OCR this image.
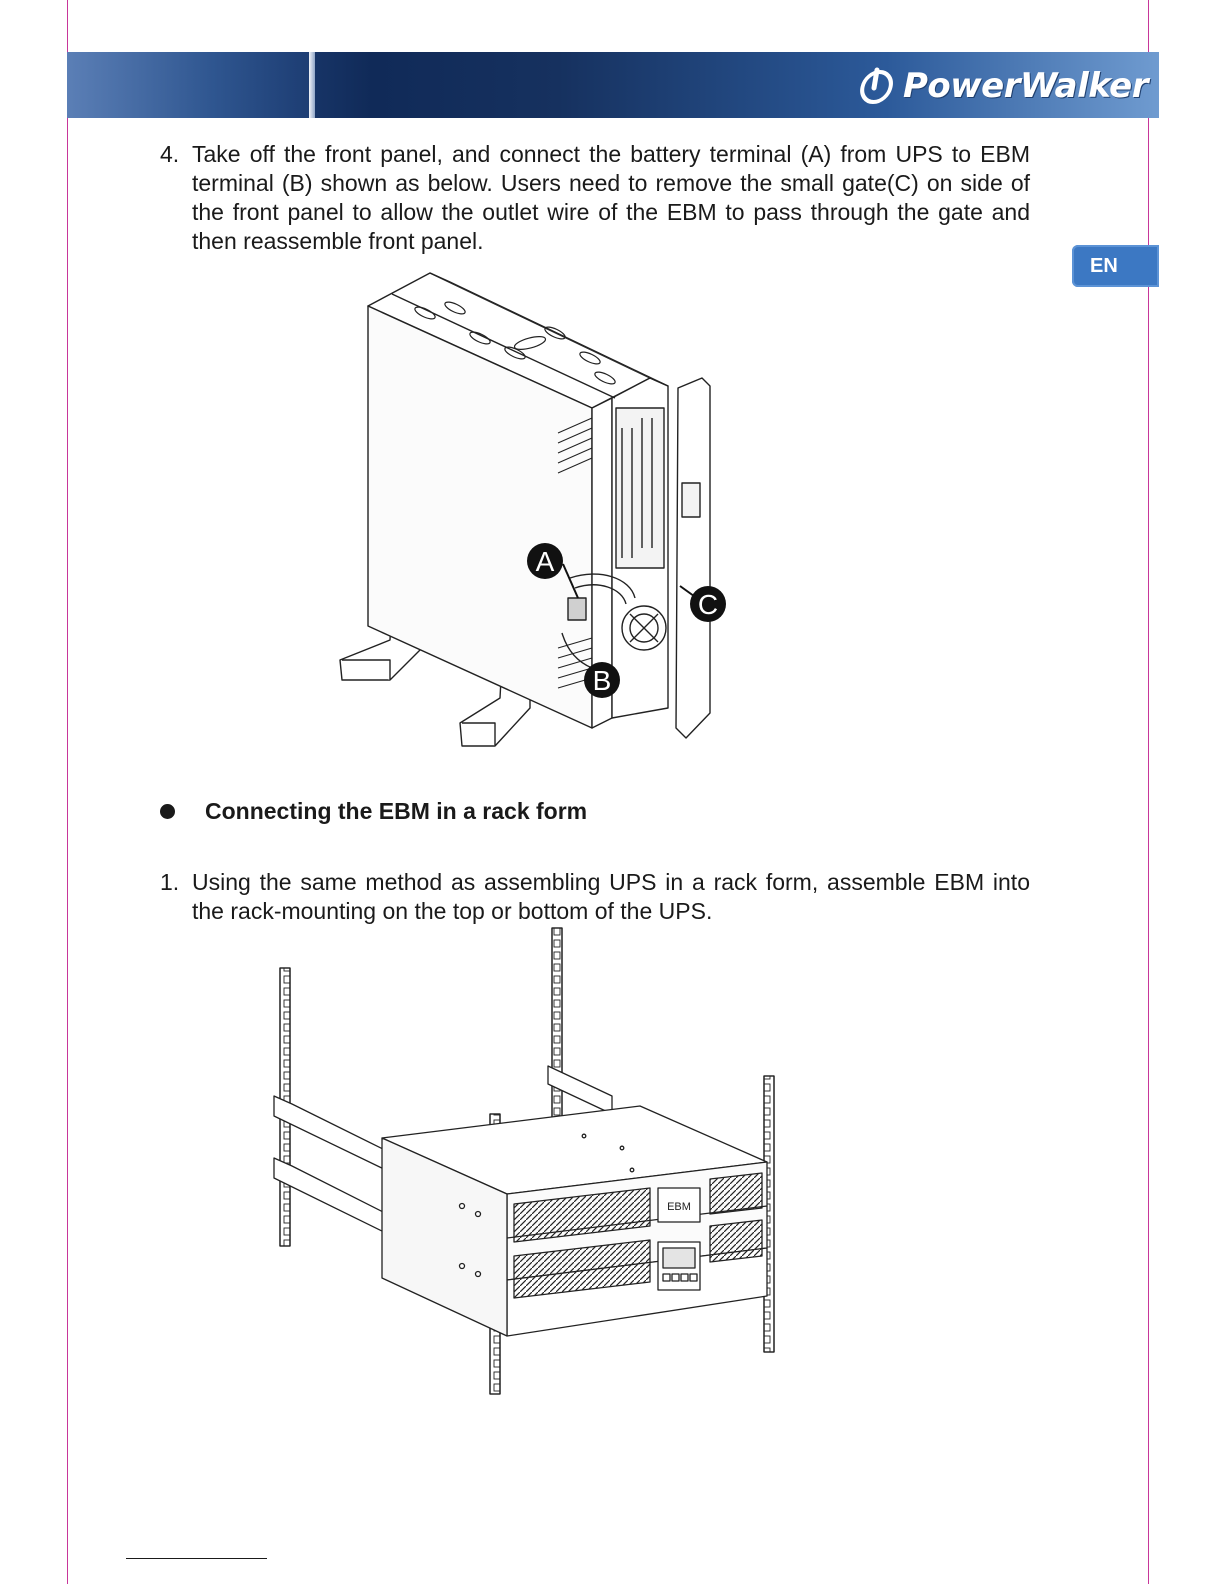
PowerWalker
EN
4. Take off the front panel, and connect the battery terminal (A) from UPS to EBM terminal (B) shown as below. Users need to remove the small gate(C) on side of the front panel to allow the outlet wire of the EBM to pass through the gate and then reassemble front panel.
A
B
C
Connecting the EBM in a rack form
1. Using the same method as assembling UPS in a rack form, assemble EBM into the rack-mounting on the top or bottom of the UPS.
EBM
